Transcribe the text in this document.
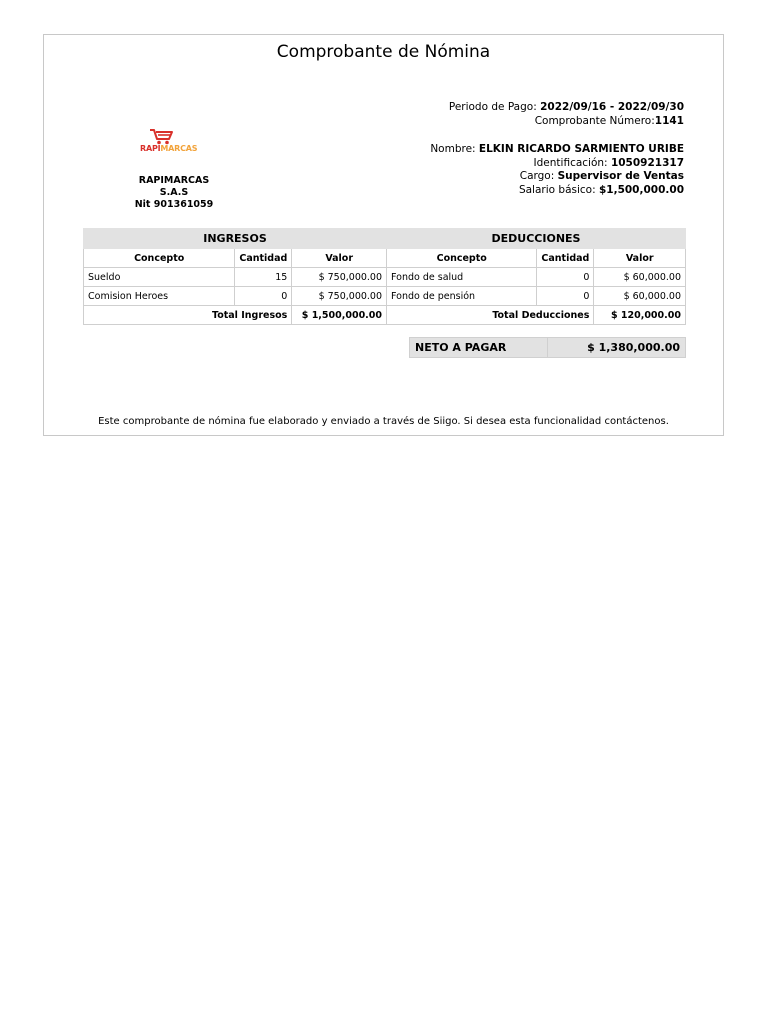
Comprobante de Nómina
Periodo de Pago: 2022/09/16 - 2022/09/30
Comprobante Número:1141
Nombre: ELKIN RICARDO SARMIENTO URIBE
Identificación: 1050921317
Cargo: Supervisor de Ventas
Salario básico: $1,500,000.00
RAPIMARCAS
RAPIMARCAS S.A.S
Nit 901361059
INGRESOS			DEDUCCIONES		
Concepto	Cantidad	Valor	Concepto	Cantidad	Valor
Sueldo	15	$ 750,000.00	Fondo de salud	0	$ 60,000.00
Comision Heroes	0	$ 750,000.00	Fondo de pensión	0	$ 60,000.00
Total Ingresos		$ 1,500,000.00	Total Deducciones		$ 120,000.00
NETO A PAGAR	$ 1,380,000.00
Este comprobante de nómina fue elaborado y enviado a través de Siigo. Si desea esta funcionalidad contáctenos.
